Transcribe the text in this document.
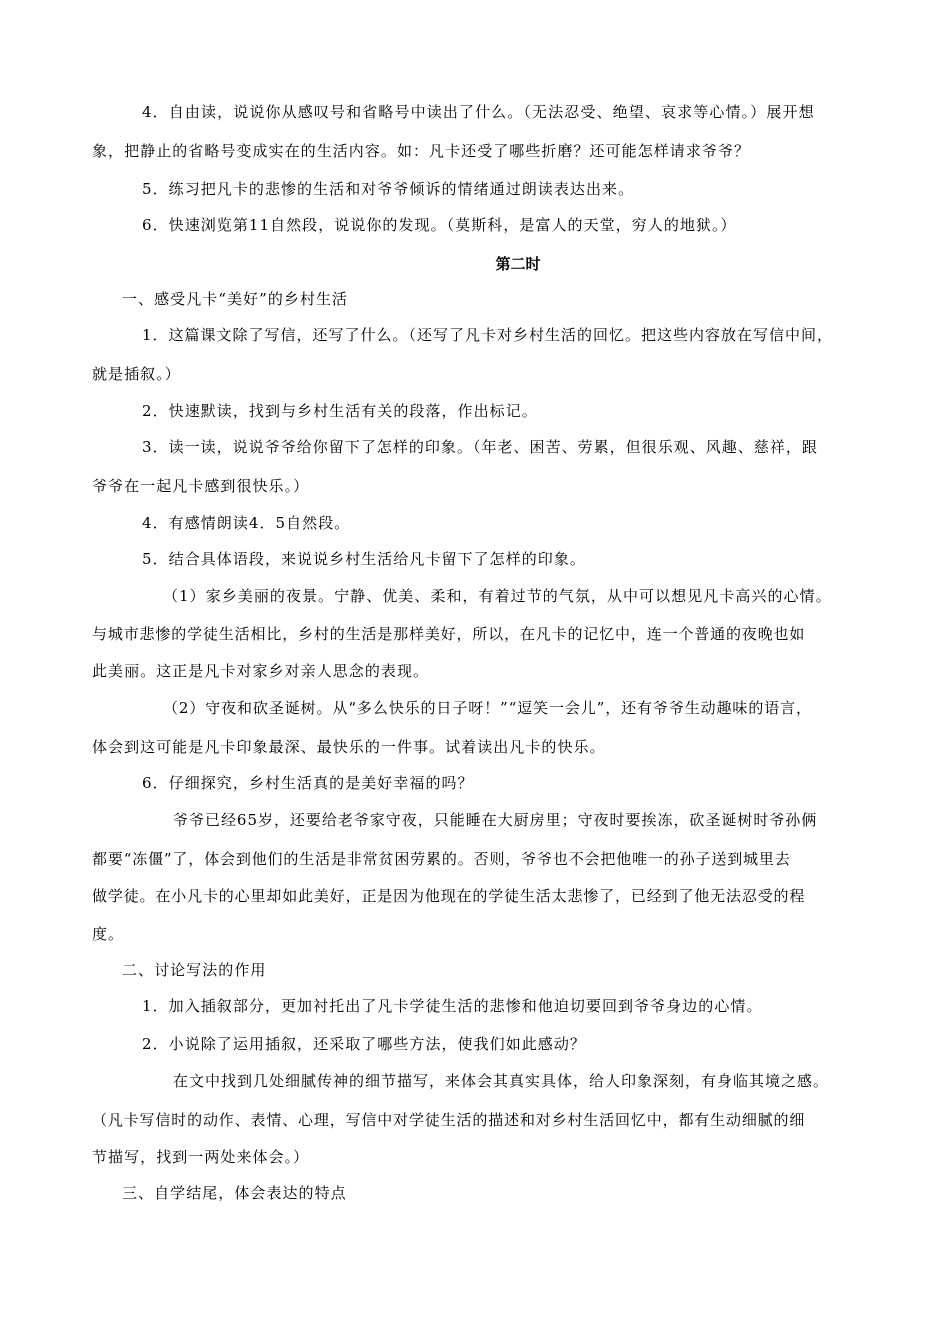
4．自由读，说说你从感叹号和省略号中读出了什么。（无法忍受、绝望、哀求等心情。）展开想
象，把静止的省略号变成实在的生活内容。如：凡卡还受了哪些折磨？还可能怎样请求爷爷？
5．练习把凡卡的悲惨的生活和对爷爷倾诉的情绪通过朗读表达出来。
6．快速浏览第11自然段，说说你的发现。（莫斯科，是富人的天堂，穷人的地狱。）
第二时
一、感受凡卡“美好”的乡村生活
1．这篇课文除了写信，还写了什么。（还写了凡卡对乡村生活的回忆。把这些内容放在写信中间，
就是插叙。）
2．快速默读，找到与乡村生活有关的段落，作出标记。
3．读一读，说说爷爷给你留下了怎样的印象。（年老、困苦、劳累，但很乐观、风趣、慈祥，跟
爷爷在一起凡卡感到很快乐。）
4．有感情朗读4．5自然段。
5．结合具体语段，来说说乡村生活给凡卡留下了怎样的印象。
（1）家乡美丽的夜景。宁静、优美、柔和，有着过节的气氛，从中可以想见凡卡高兴的心情。
与城市悲惨的学徒生活相比，乡村的生活是那样美好，所以，在凡卡的记忆中，连一个普通的夜晚也如
此美丽。这正是凡卡对家乡对亲人思念的表现。
（2）守夜和砍圣诞树。从“多么快乐的日子呀！”“逗笑一会儿”，还有爷爷生动趣味的语言，
体会到这可能是凡卡印象最深、最快乐的一件事。试着读出凡卡的快乐。
6．仔细探究，乡村生活真的是美好幸福的吗？
爷爷已经65岁，还要给老爷家守夜，只能睡在大厨房里；守夜时要挨冻，砍圣诞树时爷孙俩
都要“冻僵”了，体会到他们的生活是非常贫困劳累的。否则，爷爷也不会把他唯一的孙子送到城里去
做学徒。在小凡卡的心里却如此美好，正是因为他现在的学徒生活太悲惨了，已经到了他无法忍受的程
度。
二、讨论写法的作用
1．加入插叙部分，更加衬托出了凡卡学徒生活的悲惨和他迫切要回到爷爷身边的心情。
2．小说除了运用插叙，还采取了哪些方法，使我们如此感动？
在文中找到几处细腻传神的细节描写，来体会其真实具体，给人印象深刻，有身临其境之感。
（凡卡写信时的动作、表情、心理，写信中对学徒生活的描述和对乡村生活回忆中，都有生动细腻的细
节描写，找到一两处来体会。）
三、自学结尾，体会表达的特点
